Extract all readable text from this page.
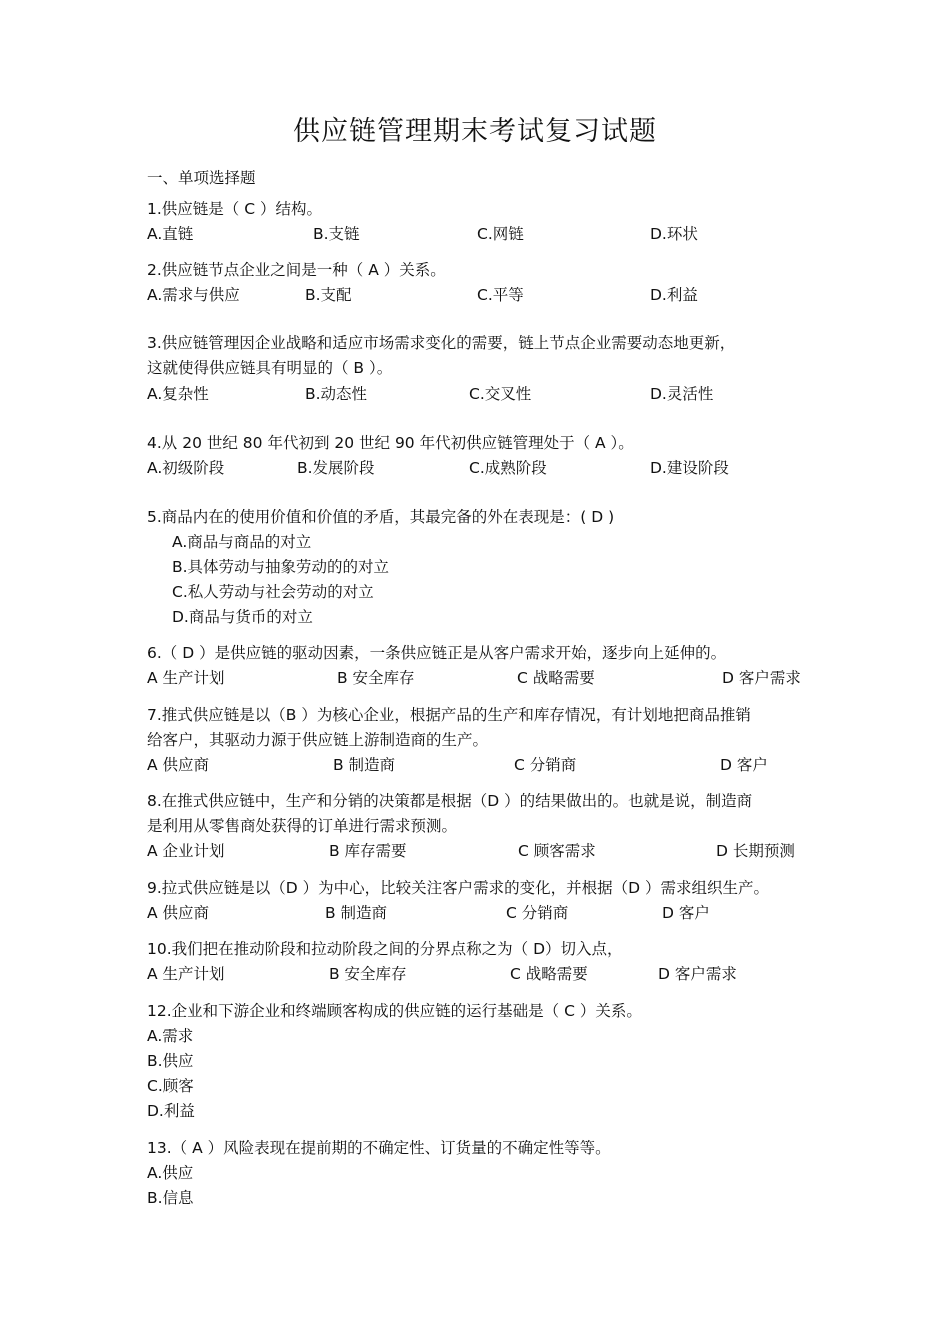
供应链管理期末考试复习试题
一、单项选择题
1.供应链是（ C ）结构。
A.直链	B.支链	C.网链	D.环状
2.供应链节点企业之间是一种（ A ）关系。
A.需求与供应	B.支配	C.平等	D.利益
3.供应链管理因企业战略和适应市场需求变化的需要，链上节点企业需要动态地更新，
这就使得供应链具有明显的（ B ）。
A.复杂性	B.动态性	C.交叉性	D.灵活性
4.从 20 世纪 80 年代初到 20 世纪 90 年代初供应链管理处于（ A ）。
A.初级阶段	B.发展阶段	C.成熟阶段	D.建设阶段
5.商品内在的使用价值和价值的矛盾，其最完备的外在表现是：( D )
A.商品与商品的对立
B.具体劳动与抽象劳动的的对立
C.私人劳动与社会劳动的对立
D.商品与货币的对立
6.（ D ）是供应链的驱动因素，一条供应链正是从客户需求开始，逐步向上延伸的。
A 生产计划	B 安全库存	C 战略需要	D 客户需求
7.推式供应链是以（B ）为核心企业，根据产品的生产和库存情况，有计划地把商品推销
给客户，其驱动力源于供应链上游制造商的生产。
A 供应商	B 制造商	C 分销商	D 客户
8.在推式供应链中，生产和分销的决策都是根据（D ）的结果做出的。也就是说，制造商
是利用从零售商处获得的订单进行需求预测。
A 企业计划	B 库存需要	C 顾客需求	D 长期预测
9.拉式供应链是以（D ）为中心，比较关注客户需求的变化，并根据（D ）需求组织生产。
A 供应商	B 制造商	C 分销商	D 客户
10.我们把在推动阶段和拉动阶段之间的分界点称之为（ D）切入点，
A 生产计划	B 安全库存	C 战略需要	D 客户需求
12.企业和下游企业和终端顾客构成的供应链的运行基础是（ C ）关系。
A.需求
B.供应
C.顾客
D.利益
13.（ A ）风险表现在提前期的不确定性、订货量的不确定性等等。
A.供应
B.信息
